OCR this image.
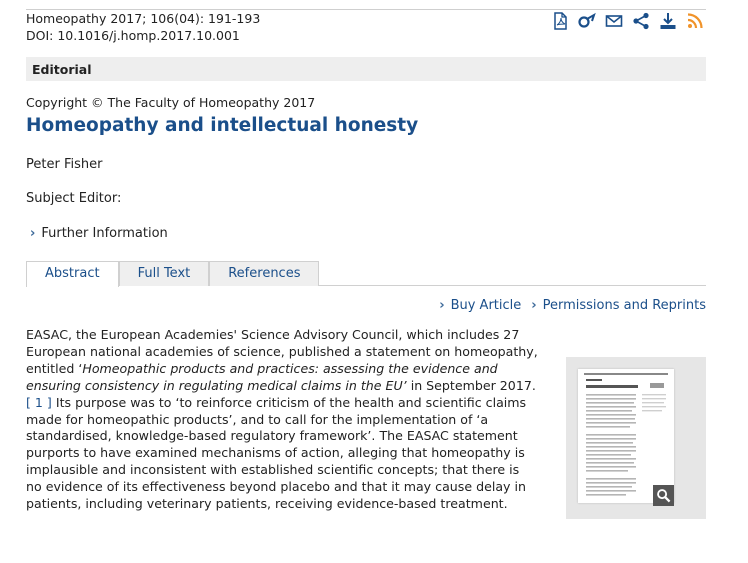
Homeopathy 2017; 106(04): 191-193
DOI: 10.1016/j.homp.2017.10.001
Editorial
Copyright © The Faculty of Homeopathy 2017
Homeopathy and intellectual honesty
Peter Fisher
Subject Editor:
› Further Information
Abstract	Full Text	References
› Buy Article › Permissions and Reprints
EASAC, the European Academies' Science Advisory Council, which includes 27 European national academies of science, published a statement on homeopathy, entitled ‘Homeopathic products and practices: assessing the evidence and ensuring consistency in regulating medical claims in the EU’ in September 2017.[ 1 ] Its purpose was to ‘to reinforce criticism of the health and scientific claims made for homeopathic products’, and to call for the implementation of ‘a standardised, knowledge-based regulatory framework’. The EASAC statement purports to have examined mechanisms of action, alleging that homeopathy is implausible and inconsistent with established scientific concepts; that there is no evidence of its effectiveness beyond placebo and that it may cause delay in patients, including veterinary patients, receiving evidence-based treatment.
